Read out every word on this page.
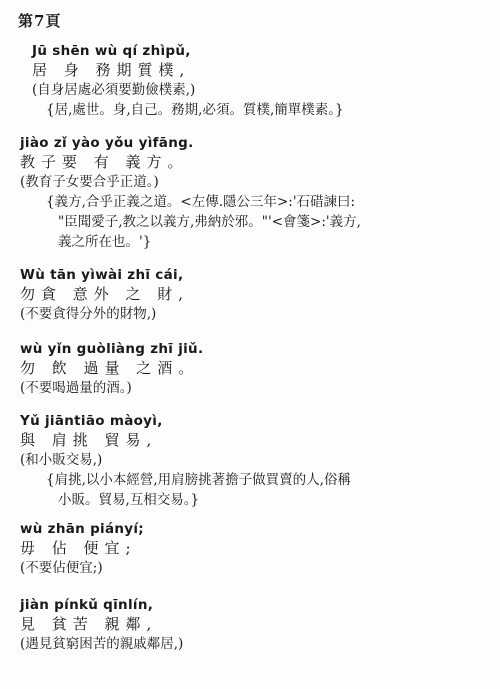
第7頁
Jū shēn wù qí zhìpǔ,
居 身 務期質樸,
(自身居處必須要勤儉樸素,)
{居,處世。身,自己。務期,必須。質樸,簡單樸素。}
jiào zǐ yào yǒu yìfāng.
教子要 有 義方。
(教育子女要合乎正道。)
{義方,合乎正義之道。<左傳.隱公三年>:'石碏諫曰:
"臣聞愛子,教之以義方,弗納於邪。"'<會箋>:'義方,
義之所在也。'}
Wù tān yìwài zhī cái,
勿貪 意外 之 財,
(不要貪得分外的財物,)
wù yǐn guòliàng zhī jiǔ.
勿 飲 過量 之酒。
(不要喝過量的酒。)
Yǔ jiāntiāo màoyì,
與 肩挑 貿易,
(和小販交易,)
{肩挑,以小本經營,用肩膀挑著擔子做買賣的人,俗稱
小販。貿易,互相交易。}
wù zhān piányí;
毋 佔 便宜;
(不要佔便宜;)
jiàn pínkǔ qīnlín,
見 貧苦 親鄰,
(遇見貧窮困苦的親戚鄰居,)
